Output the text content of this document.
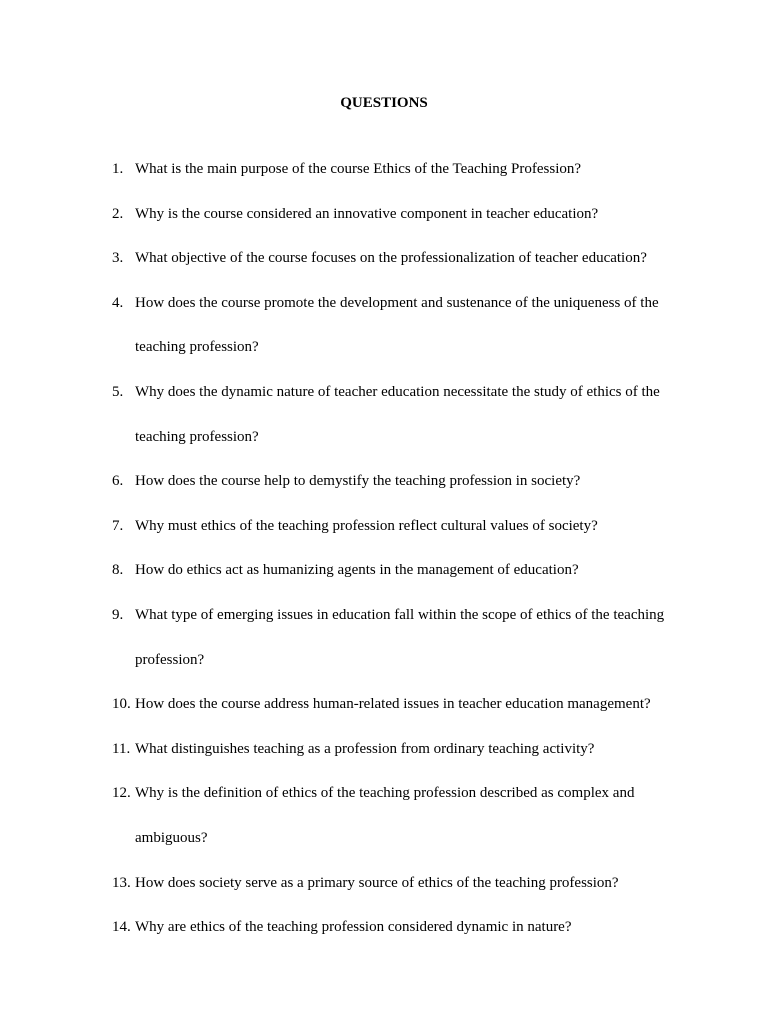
QUESTIONS
1. What is the main purpose of the course Ethics of the Teaching Profession?
2. Why is the course considered an innovative component in teacher education?
3. What objective of the course focuses on the professionalization of teacher education?
4. How does the course promote the development and sustenance of the uniqueness of the teaching profession?
5. Why does the dynamic nature of teacher education necessitate the study of ethics of the teaching profession?
6. How does the course help to demystify the teaching profession in society?
7. Why must ethics of the teaching profession reflect cultural values of society?
8. How do ethics act as humanizing agents in the management of education?
9. What type of emerging issues in education fall within the scope of ethics of the teaching profession?
10. How does the course address human-related issues in teacher education management?
11. What distinguishes teaching as a profession from ordinary teaching activity?
12. Why is the definition of ethics of the teaching profession described as complex and ambiguous?
13. How does society serve as a primary source of ethics of the teaching profession?
14. Why are ethics of the teaching profession considered dynamic in nature?
